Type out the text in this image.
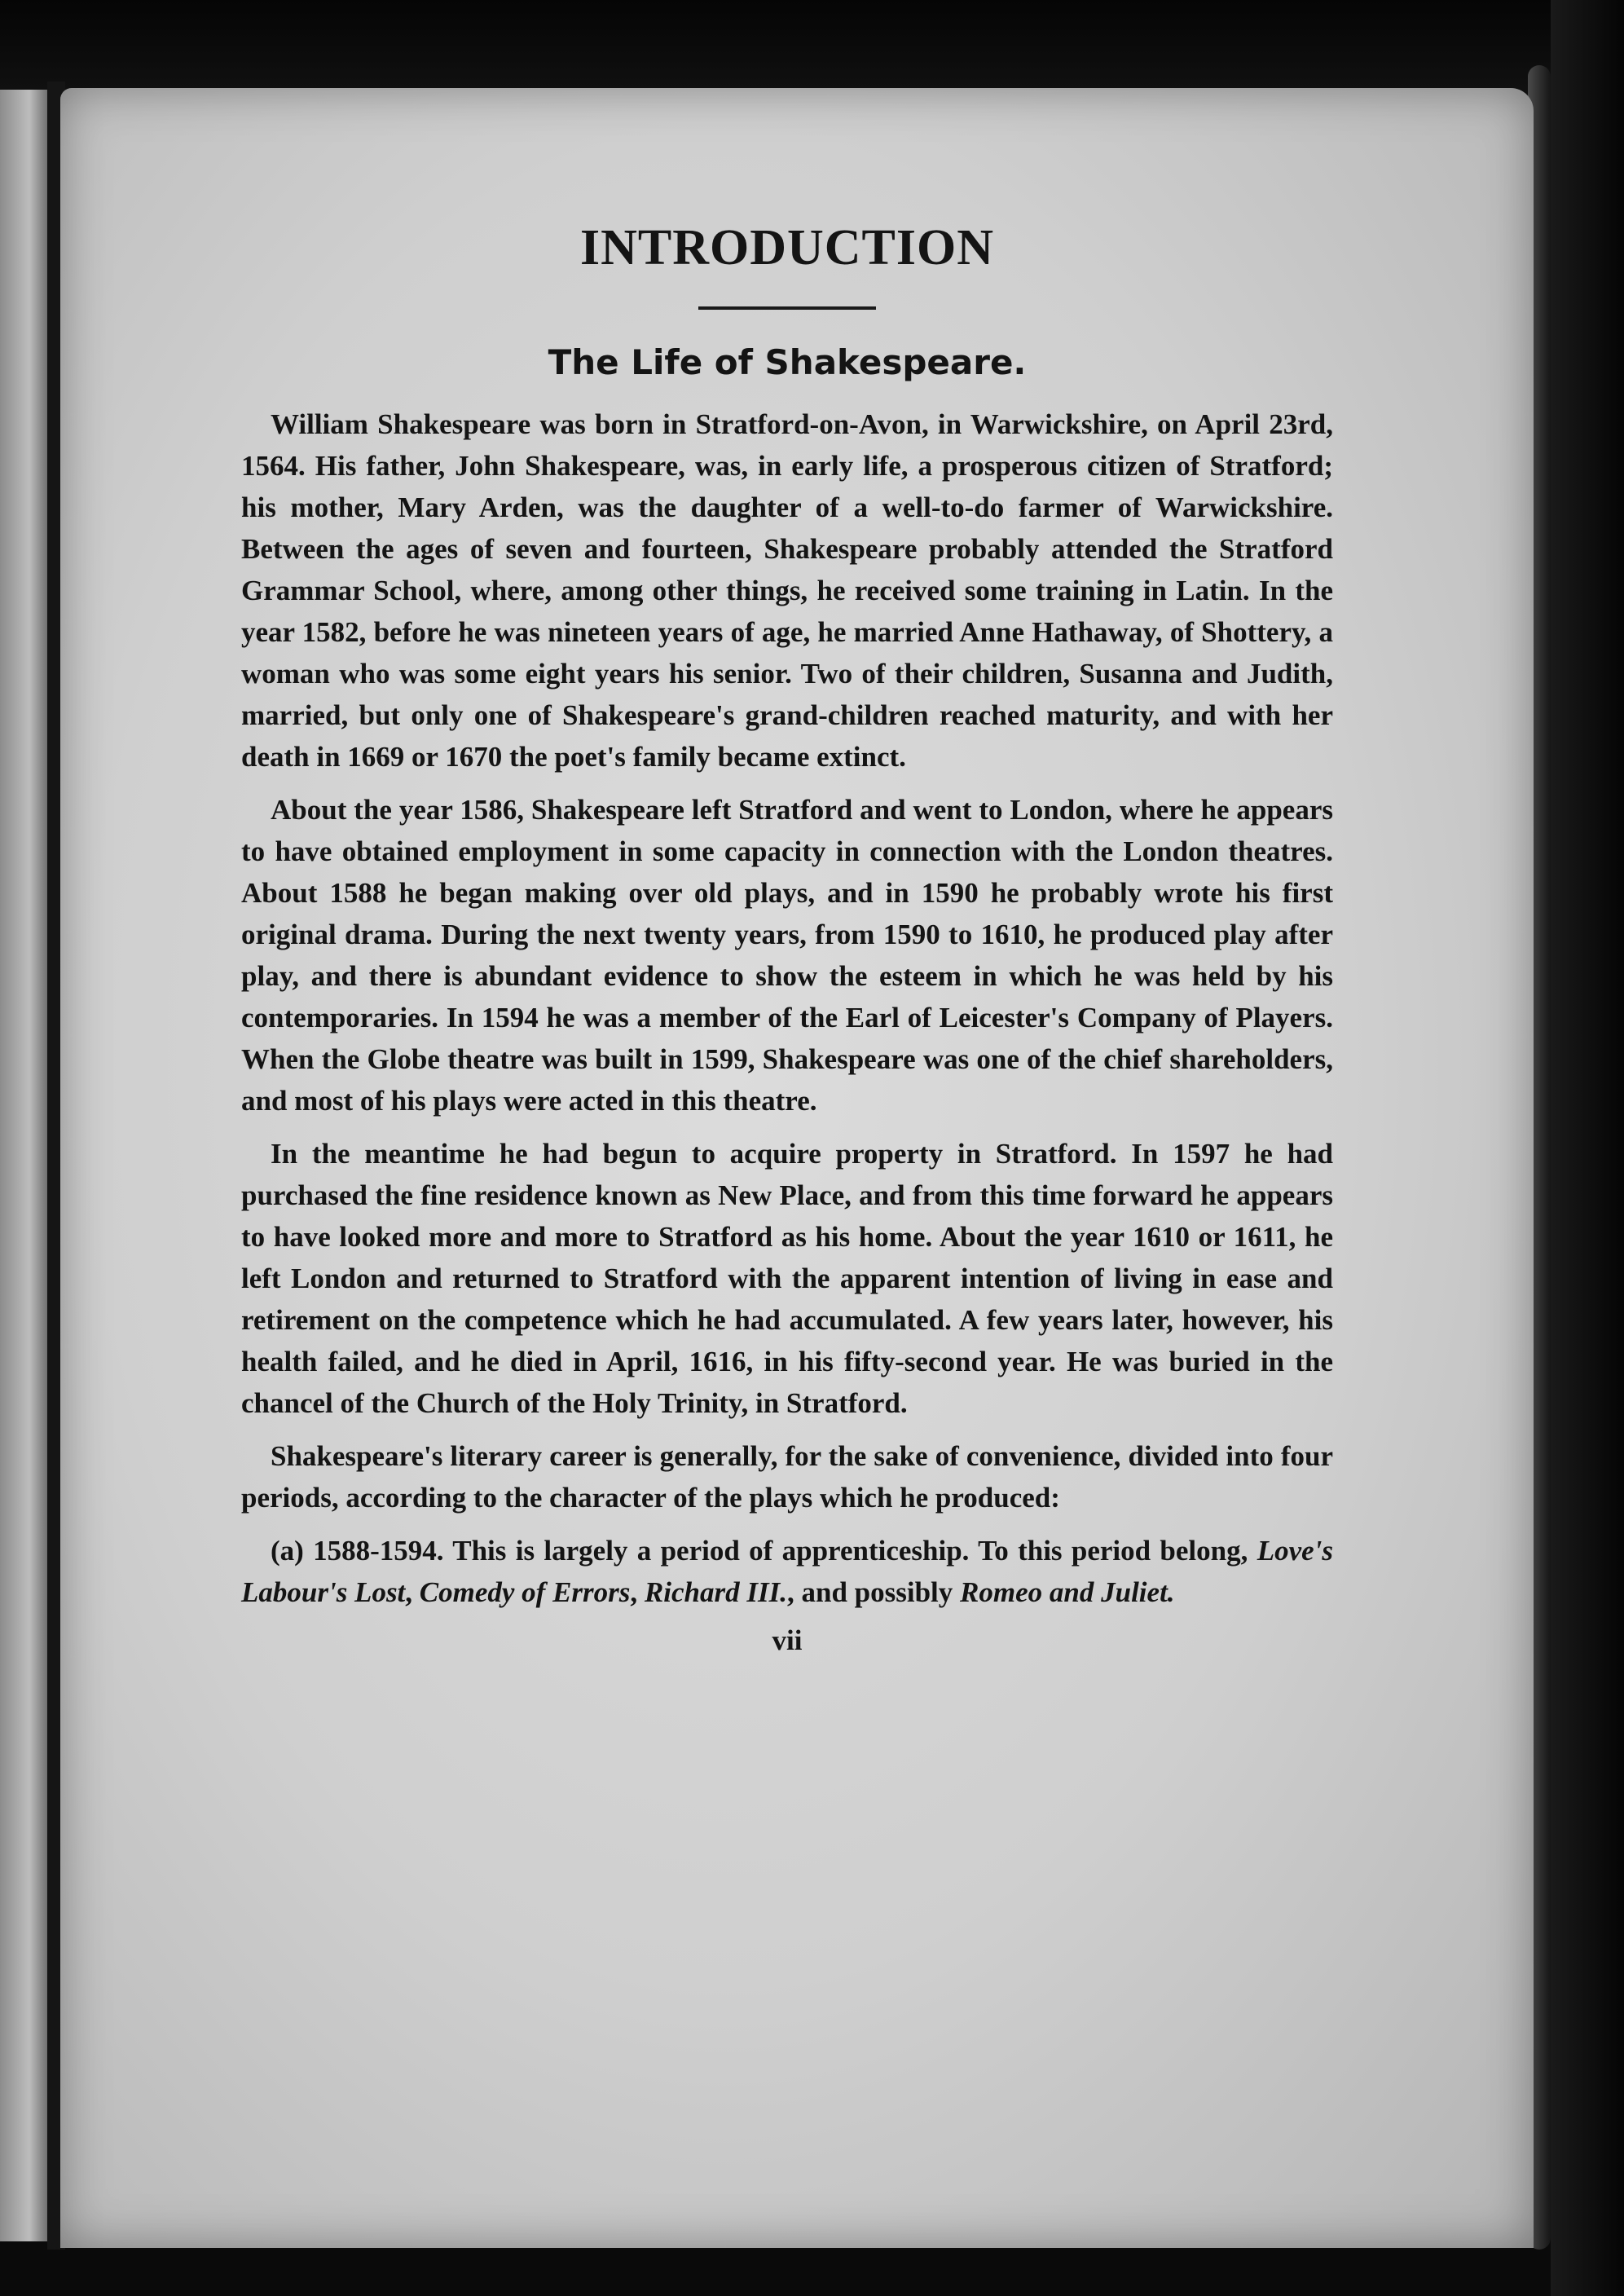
INTRODUCTION
The Life of Shakespeare.

William Shakespeare was born in Stratford-on-Avon, in Warwickshire, on April 23rd, 1564. His father, John Shakespeare, was, in early life, a prosperous citizen of Stratford; his mother, Mary Arden, was the daughter of a well-to-do farmer of Warwickshire. Between the ages of seven and fourteen, Shakespeare probably attended the Stratford Grammar School, where, among other things, he received some training in Latin. In the year 1582, before he was nineteen years of age, he married Anne Hathaway, of Shottery, a woman who was some eight years his senior. Two of their children, Susanna and Judith, married, but only one of Shakespeare's grand-children reached maturity, and with her death in 1669 or 1670 the poet's family became extinct.

About the year 1586, Shakespeare left Stratford and went to London, where he appears to have obtained employment in some capacity in connection with the London theatres. About 1588 he began making over old plays, and in 1590 he probably wrote his first original drama. During the next twenty years, from 1590 to 1610, he produced play after play, and there is abundant evidence to show the esteem in which he was held by his contemporaries. In 1594 he was a member of the Earl of Leicester's Company of Players. When the Globe theatre was built in 1599, Shakespeare was one of the chief shareholders, and most of his plays were acted in this theatre.

In the meantime he had begun to acquire property in Stratford. In 1597 he had purchased the fine residence known as New Place, and from this time forward he appears to have looked more and more to Stratford as his home. About the year 1610 or 1611, he left London and returned to Stratford with the apparent intention of living in ease and retirement on the competence which he had accumulated. A few years later, however, his health failed, and he died in April, 1616, in his fifty-second year. He was buried in the chancel of the Church of the Holy Trinity, in Stratford.

Shakespeare's literary career is generally, for the sake of convenience, divided into four periods, according to the character of the plays which he produced:

(a) 1588-1594. This is largely a period of apprenticeship. To this period belong, Love's Labour's Lost, Comedy of Errors, Richard III., and possibly Romeo and Juliet.

vii
